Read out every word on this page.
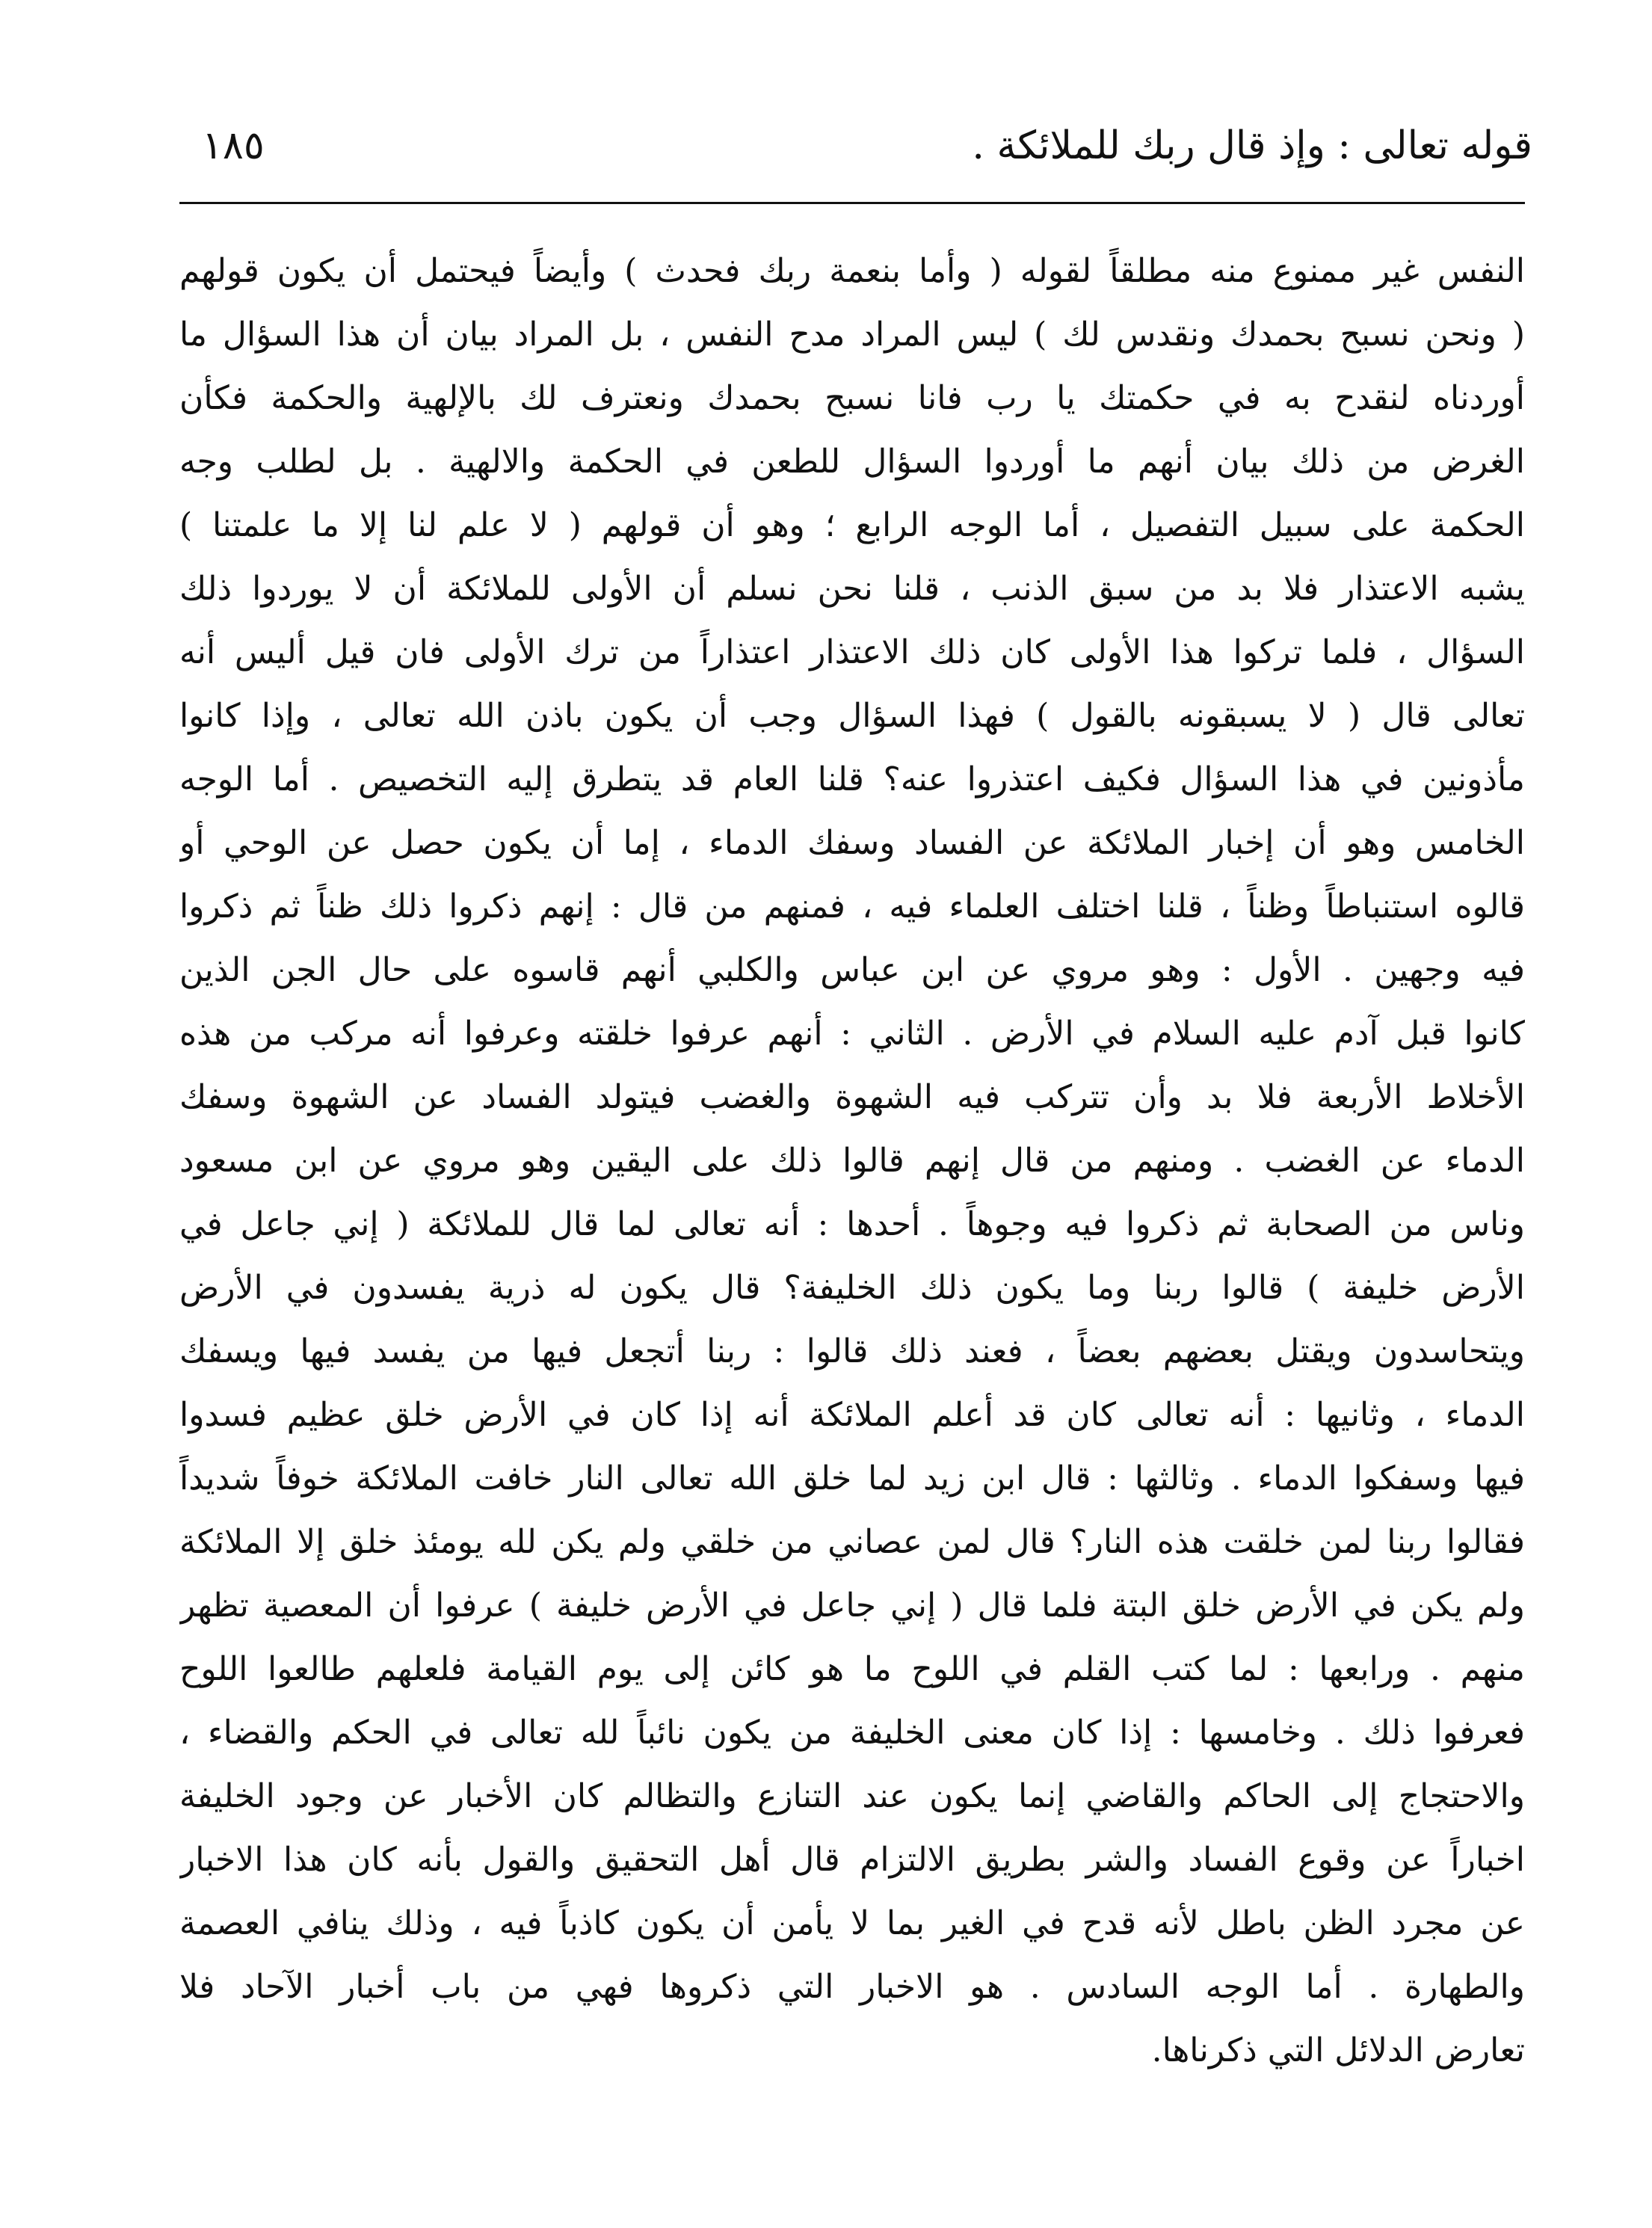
قوله تعالى : وإذ قال ربك للملائكة .
١٨٥
النفس غير ممنوع منه مطلقاً لقوله ( وأما بنعمة ربك فحدث ) وأيضاً فيحتمل أن يكون قولهم
( ونحن نسبح بحمدك ونقدس لك ) ليس المراد مدح النفس ، بل المراد بيان أن هذا السؤال ما
أوردناه لنقدح به في حكمتك يا رب فانا نسبح بحمدك ونعترف لك بالإلهية والحكمة فكأن
الغرض من ذلك بيان أنهم ما أوردوا السؤال للطعن في الحكمة والالهية . بل لطلب وجه
الحكمة على سبيل التفصيل ، أما الوجه الرابع ؛ وهو أن قولهم ( لا علم لنا إلا ما علمتنا )
يشبه الاعتذار فلا بد من سبق الذنب ، قلنا نحن نسلم أن الأولى للملائكة أن لا يوردوا ذلك
السؤال ، فلما تركوا هذا الأولى كان ذلك الاعتذار اعتذاراً من ترك الأولى فان قيل أليس أنه
تعالى قال ( لا يسبقونه بالقول ) فهذا السؤال وجب أن يكون باذن الله تعالى ، وإذا كانوا
مأذونين في هذا السؤال فكيف اعتذروا عنه؟ قلنا العام قد يتطرق إليه التخصيص . أما الوجه
الخامس وهو أن إخبار الملائكة عن الفساد وسفك الدماء ، إما أن يكون حصل عن الوحي أو
قالوه استنباطاً وظناً ، قلنا اختلف العلماء فيه ، فمنهم من قال : إنهم ذكروا ذلك ظناً ثم ذكروا
فيه وجهين . الأول : وهو مروي عن ابن عباس والكلبي أنهم قاسوه على حال الجن الذين
كانوا قبل آدم عليه السلام في الأرض . الثاني : أنهم عرفوا خلقته وعرفوا أنه مركب من هذه
الأخلاط الأربعة فلا بد وأن تتركب فيه الشهوة والغضب فيتولد الفساد عن الشهوة وسفك
الدماء عن الغضب . ومنهم من قال إنهم قالوا ذلك على اليقين وهو مروي عن ابن مسعود
وناس من الصحابة ثم ذكروا فيه وجوهاً . أحدها : أنه تعالى لما قال للملائكة ( إني جاعل في
الأرض خليفة ) قالوا ربنا وما يكون ذلك الخليفة؟ قال يكون له ذرية يفسدون في الأرض
ويتحاسدون ويقتل بعضهم بعضاً ، فعند ذلك قالوا : ربنا أتجعل فيها من يفسد فيها ويسفك
الدماء ، وثانيها : أنه تعالى كان قد أعلم الملائكة أنه إذا كان في الأرض خلق عظيم فسدوا
فيها وسفكوا الدماء . وثالثها : قال ابن زيد لما خلق الله تعالى النار خافت الملائكة خوفاً شديداً
فقالوا ربنا لمن خلقت هذه النار؟ قال لمن عصاني من خلقي ولم يكن لله يومئذ خلق إلا الملائكة
ولم يكن في الأرض خلق البتة فلما قال ( إني جاعل في الأرض خليفة ) عرفوا أن المعصية تظهر
منهم . ورابعها : لما كتب القلم في اللوح ما هو كائن إلى يوم القيامة فلعلهم طالعوا اللوح
فعرفوا ذلك . وخامسها : إذا كان معنى الخليفة من يكون نائباً لله تعالى في الحكم والقضاء ،
والاحتجاج إلى الحاكم والقاضي إنما يكون عند التنازع والتظالم كان الأخبار عن وجود الخليفة
اخباراً عن وقوع الفساد والشر بطريق الالتزام قال أهل التحقيق والقول بأنه كان هذا الاخبار
عن مجرد الظن باطل لأنه قدح في الغير بما لا يأمن أن يكون كاذباً فيه ، وذلك ينافي العصمة
والطهارة . أما الوجه السادس . هو الاخبار التي ذكروها فهي من باب أخبار الآحاد فلا
تعارض الدلائل التي ذكرناها.
